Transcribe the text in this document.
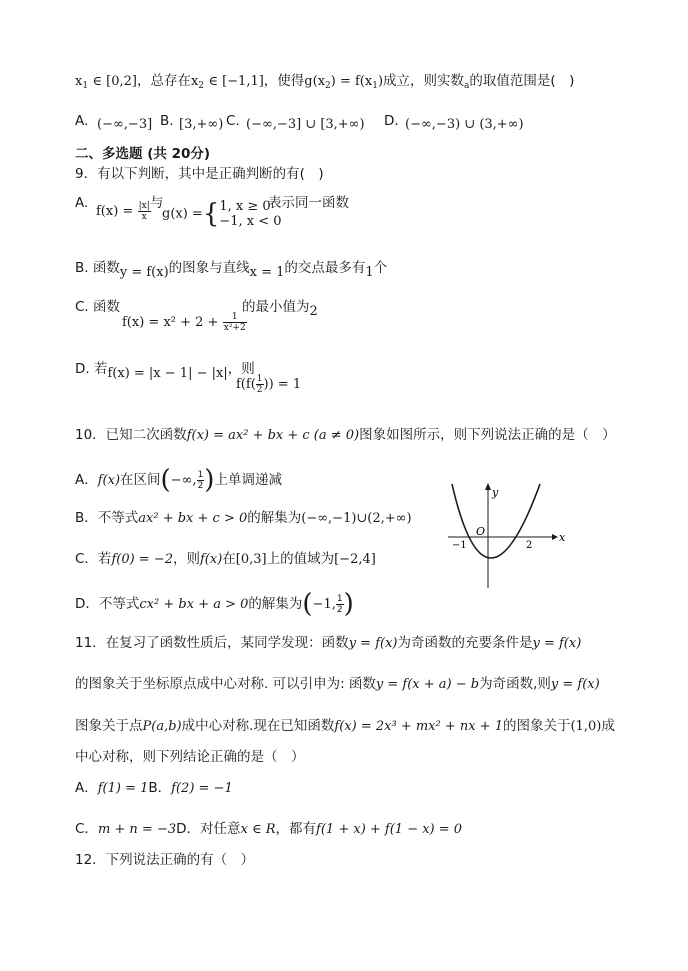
$x_1$ ∈ [0,2]，总存在$x_2$ ∈ [−1,1]，使得$g(x_2) = f(x_1)$成立，则实数$_a$的取值范围是(　)
A. (−∞,−3] B. [3,+∞) C. (−∞,−3] ∪ [3,+∞) D. (−∞,−3) ∪ (3,+∞)
二、多选题 (共 20分)
9．有以下判断，其中是正确判断的有(　)
A.
$f(x) = \frac{|x|}{x}$ 与
g(x) ={ 1, x ≥ 0
−1, x < 0
表示同一函数
B. 函数y = f(x)的图象与直线x = 1的交点最多有1个
C. 函数
$f(x) = x^2 + 2 + \frac{1}{\text{x²+2}}$
的最小值为2
D. 若f(x) = |x − 1| − |x|，则
$f(f( \frac{1}{2}$ )) = 1
10．已知二次函数f(x) = ax² + bx + c (a ≠ 0)图象如图所示，则下列说法正确的是（　）
A．f(x)在区间(−∞, $\frac{1}{2}$ )上单调递减
B．不等式ax² + bx + c > 0的解集为(−∞,−1)∪(2,+∞)
C．若f(0) = −2，则f(x)在[0,3]上的值域为[−2,4]
D．不等式cx² + bx + a > 0的解集为(−1, $\frac{1}{2}$ )
y
x
O
−1	2
11．在复习了函数性质后，某同学发现：函数y = f(x)为奇函数的充要条件是y = f(x)
的图象关于坐标原点成中心对称. 可以引申为: 函数y = f(x + a) − b为奇函数,则y = f(x)
图象关于点P(a,b)成中心对称.现在已知函数f(x) = 2x³ + mx² + nx + 1的图象关于(1,0)成
中心对称，则下列结论正确的是（　）
A．f(1) = 1B．f(2) = −1
C．m + n = −3D．对任意x ∈ R，都有f(1 + x) + f(1 − x) = 0
12．下列说法正确的有（　）
